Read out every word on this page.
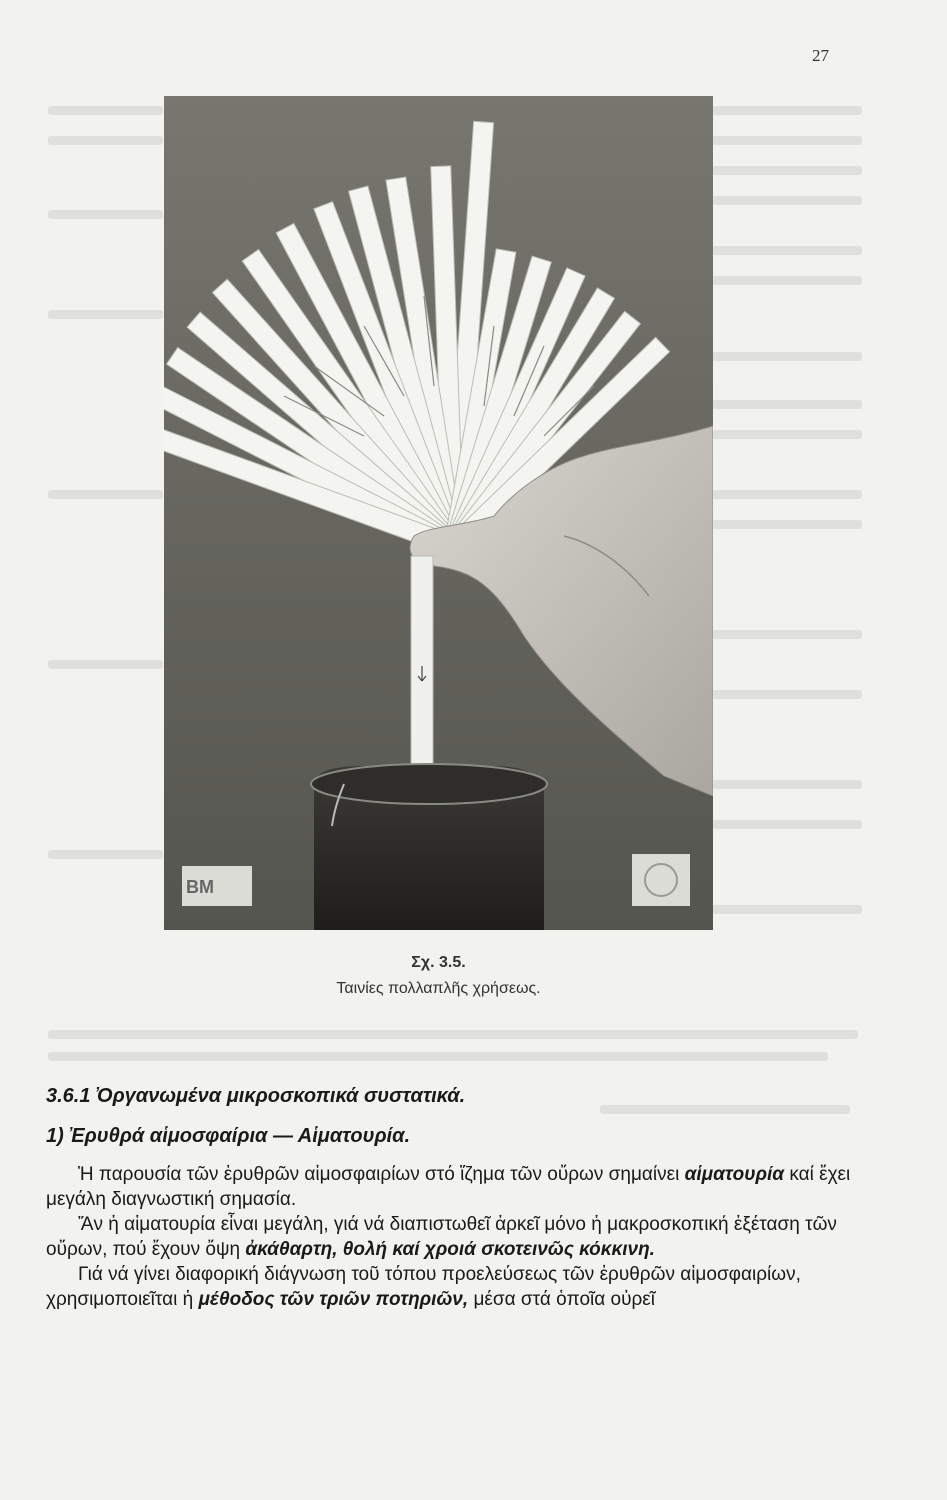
27
BM
Σχ. 3.5.
Ταινίες πολλαπλῆς χρήσεως.
3.6.1 Ὀργανωμένα μικροσκοπικά συστατικά.
1) Ἐρυθρά αἱμοσφαίρια — Αἱματουρία.

Ἡ παρουσία τῶν ἐρυθρῶν αἱμοσφαιρίων στό ἵζημα τῶν οὔρων σημαίνει αἱματουρία καί ἔχει μεγάλη διαγνωστική σημασία.

Ἄν ἡ αἱματουρία εἶναι μεγάλη, γιά νά διαπιστωθεῖ ἀρκεῖ μόνο ἡ μακροσκοπική ἐξέταση τῶν οὔρων, πού ἔχουν ὄψη ἀκάθαρτη, θολή καί χροιά σκοτεινῶς κόκκινη.

Γιά νά γίνει διαφορική διάγνωση τοῦ τόπου προελεύσεως τῶν ἐρυθρῶν αἱμοσφαιρίων, χρησιμοποιεῖται ἡ μέθοδος τῶν τριῶν ποτηριῶν, μέσα στά ὁποῖα οὐρεῖ
